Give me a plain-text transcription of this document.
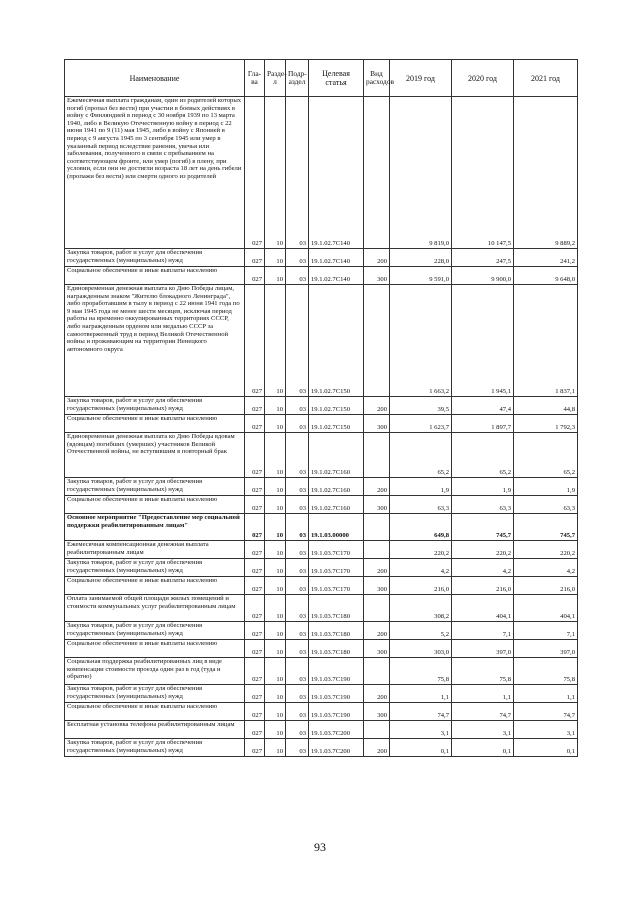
Наименование	Глава	Раздел	Подраздел	Целевая статья	Вид расходов	2019 год	2020 год	2021 год
Ежемесячная выплата гражданам, один из родителей которых погиб (пропал без вести) при участии в боевых действиях в войну с Финляндией в период с 30 ноября 1939 по 13 марта 1940, либо в Великую Отечественную войну в период с 22 июня 1941 по 9 (11) мая 1945, либо в войну с Японией в период с 9 августа 1945 по 3 сентября 1945 или умер в указанный период вследствие ранения, увечья или заболевания, полученного в связи с пребыванием на соответствующем фронте, или умер (погиб) в плену, при условии, если они не достигли возраста 18 лет на день гибели (пропажи без вести) или смерти одного из родителей	027	10	03	19.1.02.7С140		9 819,0	10 147,5	9 889,2
Закупка товаров, работ и услуг для обеспечения государственных (муниципальных) нужд	027	10	03	19.1.02.7С140	200	228,0	247,5	241,2
Социальное обеспечение и иные выплаты населению	027	10	03	19.1.02.7С140	300	9 591,0	9 900,0	9 648,0
Единовременная денежная выплата ко Дню Победы лицам, награжденным знаком "Жителю блокадного Ленинграда", либо проработавшим в тылу в период с 22 июня 1941 года по 9 мая 1945 года не менее шести месяцев, исключая период работы на временно оккупированных территориях СССР, либо награжденным орденом или медалью СССР за самоотверженный труд в период Великой Отечественной войны и проживающим на территории Ненецкого автономного округа	027	10	03	19.1.02.7С150		1 663,2	1 945,1	1 837,1
Закупка товаров, работ и услуг для обеспечения государственных (муниципальных) нужд	027	10	03	19.1.02.7С150	200	39,5	47,4	44,8
Социальное обеспечение и иные выплаты населению	027	10	03	19.1.02.7С150	300	1 623,7	1 897,7	1 792,3
Единовременная денежная выплата ко Дню Победы вдовам (вдовцам) погибших (умерших) участников Великой Отечественной войны, не вступившим в повторный брак	027	10	03	19.1.02.7С160		65,2	65,2	65,2
Закупка товаров, работ и услуг для обеспечения государственных (муниципальных) нужд	027	10	03	19.1.02.7С160	200	1,9	1,9	1,9
Социальное обеспечение и иные выплаты населению	027	10	03	19.1.02.7С160	300	63,3	63,3	63,3
Основное мероприятие "Предоставление мер социальной поддержки реабилитированным лицам"	027	10	03	19.1.03.00000		649,8	745,7	745,7
Ежемесячная компенсационная денежная выплата реабилитированным лицам	027	10	03	19.1.03.7С170		220,2	220,2	220,2
Закупка товаров, работ и услуг для обеспечения государственных (муниципальных) нужд	027	10	03	19.1.03.7С170	200	4,2	4,2	4,2
Социальное обеспечение и иные выплаты населению	027	10	03	19.1.03.7С170	300	216,0	216,0	216,0
Оплата занимаемой общей площади жилых помещений и стоимости коммунальных услуг реабилитированным лицам	027	10	03	19.1.03.7С180		308,2	404,1	404,1
Закупка товаров, работ и услуг для обеспечения государственных (муниципальных) нужд	027	10	03	19.1.03.7С180	200	5,2	7,1	7,1
Социальное обеспечение и иные выплаты населению	027	10	03	19.1.03.7С180	300	303,0	397,0	397,0
Социальная поддержка реабилитированных лиц в виде компенсации стоимости проезда один раз в год (туда и обратно)	027	10	03	19.1.03.7С190		75,8	75,8	75,8
Закупка товаров, работ и услуг для обеспечения государственных (муниципальных) нужд	027	10	03	19.1.03.7С190	200	1,1	1,1	1,1
Социальное обеспечение и иные выплаты населению	027	10	03	19.1.03.7С190	300	74,7	74,7	74,7
Бесплатная установка телефона реабилитированным лицам	027	10	03	19.1.03.7С200		3,1	3,1	3,1
Закупка товаров, работ и услуг для обеспечения государственных (муниципальных) нужд	027	10	03	19.1.03.7С200	200	0,1	0,1	0,1
93
